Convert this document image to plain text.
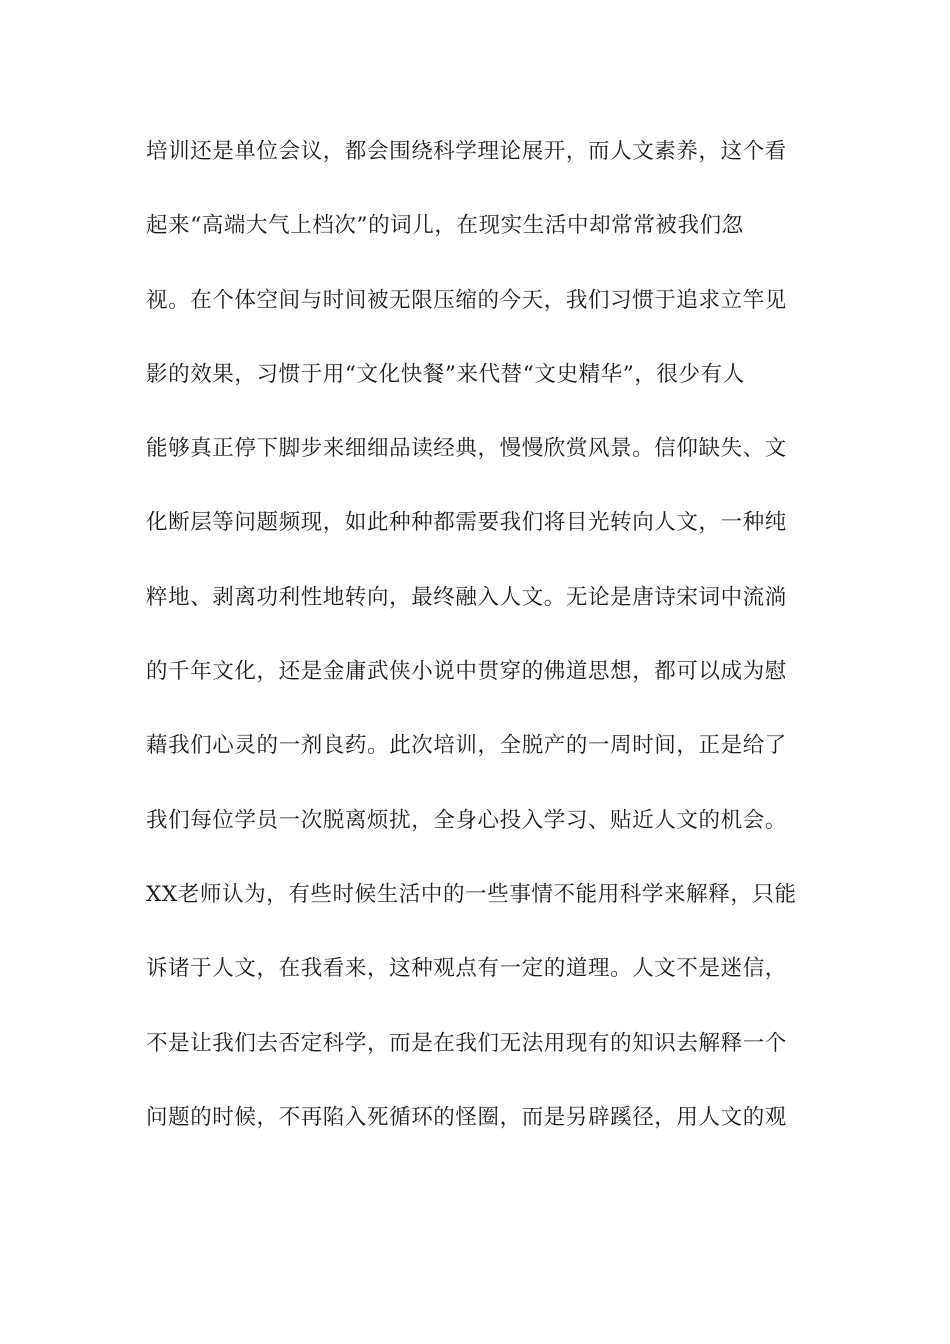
培训还是单位会议，都会围绕科学理论展开，而人文素养，这个看
起来“高端大气上档次”的词儿，在现实生活中却常常被我们忽
视。在个体空间与时间被无限压缩的今天，我们习惯于追求立竿见
影的效果，习惯于用“文化快餐”来代替“文史精华”，很少有人
能够真正停下脚步来细细品读经典，慢慢欣赏风景。信仰缺失、文
化断层等问题频现，如此种种都需要我们将目光转向人文，一种纯
粹地、剥离功利性地转向，最终融入人文。无论是唐诗宋词中流淌
的千年文化，还是金庸武侠小说中贯穿的佛道思想，都可以成为慰
藉我们心灵的一剂良药。此次培训，全脱产的一周时间，正是给了
我们每位学员一次脱离烦扰，全身心投入学习、贴近人文的机会。
XX老师认为，有些时候生活中的一些事情不能用科学来解释，只能
诉诸于人文，在我看来，这种观点有一定的道理。人文不是迷信，
不是让我们去否定科学，而是在我们无法用现有的知识去解释一个
问题的时候，不再陷入死循环的怪圈，而是另辟蹊径，用人文的观
